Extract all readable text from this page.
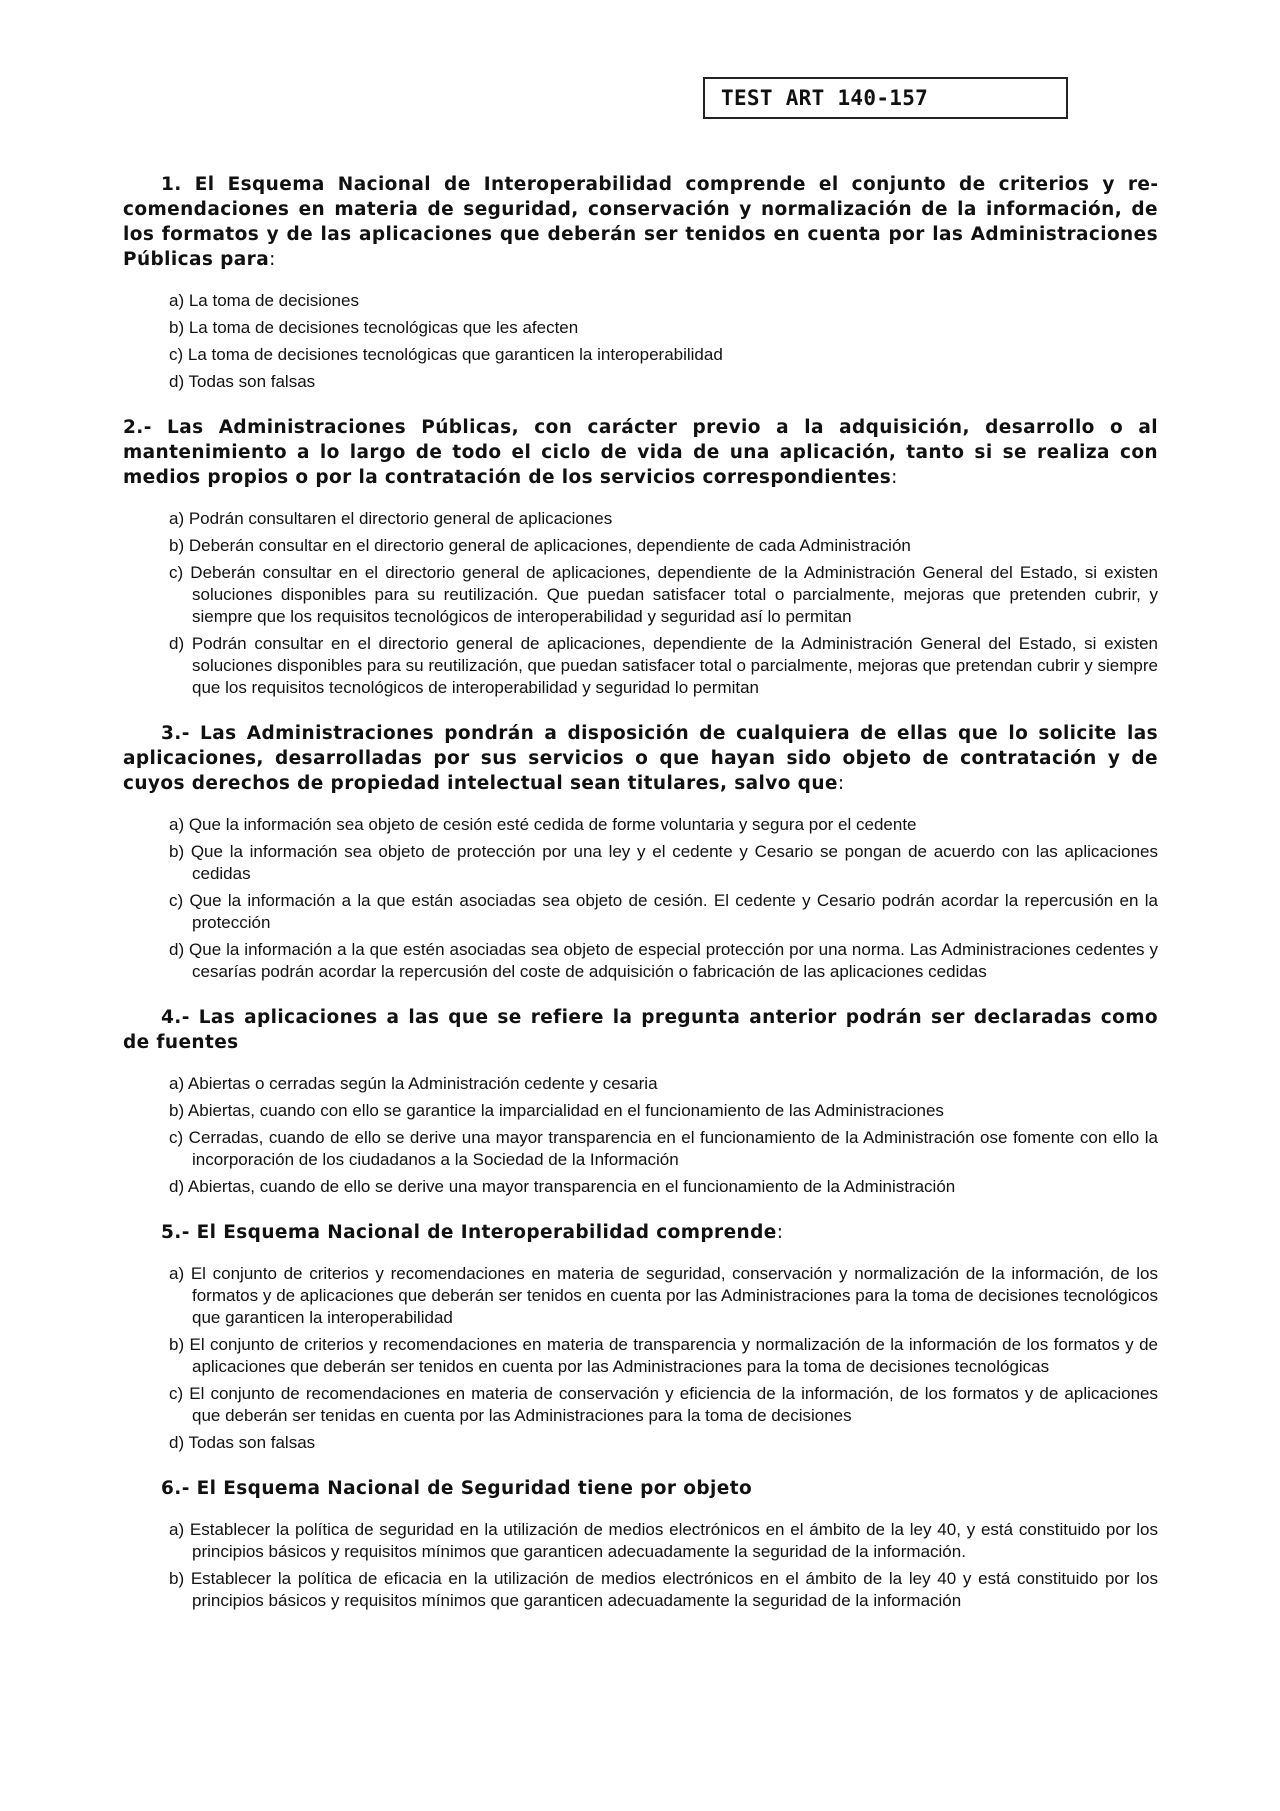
TEST ART 140-157

1. El Esquema Nacional de Interoperabilidad comprende el conjunto de criterios y recomendaciones en materia de seguridad, conservación y normalización de la información, de los formatos y de las aplicaciones que deberán ser tenidos en cuenta por las Administraciones Públicas para:

a) La toma de decisiones
b) La toma de decisiones tecnológicas que les afecten
c) La toma de decisiones tecnológicas que garanticen la interoperabilidad
d) Todas son falsas

2.- Las Administraciones Públicas, con carácter previo a la adquisición, desarrollo o al mantenimiento a lo largo de todo el ciclo de vida de una aplicación, tanto si se realiza con medios propios o por la contratación de los servicios correspondientes:

a) Podrán consultaren el directorio general de aplicaciones
b) Deberán consultar en el directorio general de aplicaciones, dependiente de cada Administración
c) Deberán consultar en el directorio general de aplicaciones, dependiente de la Administración General del Estado, si existen soluciones disponibles para su reutilización. Que puedan satisfacer total o parcialmente, mejoras que pretenden cubrir, y siempre que los requisitos tecnológicos de interoperabilidad y seguridad así lo permitan
d) Podrán consultar en el directorio general de aplicaciones, dependiente de la Administración General del Estado, si existen soluciones disponibles para su reutilización, que puedan satisfacer total o parcialmente, mejoras que pretendan cubrir y siempre que los requisitos tecnológicos de interoperabilidad y seguridad lo permitan

3.- Las Administraciones pondrán a disposición de cualquiera de ellas que lo solicite las aplicaciones, desarrolladas por sus servicios o que hayan sido objeto de contratación y de cuyos derechos de propiedad intelectual sean titulares, salvo que:

a) Que la información sea objeto de cesión esté cedida de forme voluntaria y segura por el cedente
b) Que la información sea objeto de protección por una ley y el cedente y Cesario se pongan de acuerdo con las aplicaciones cedidas
c) Que la información a la que están asociadas sea objeto de cesión. El cedente y Cesario podrán acordar la repercusión en la protección
d) Que la información a la que estén asociadas sea objeto de especial protección por una norma. Las Administraciones cedentes y cesarías podrán acordar la repercusión del coste de adquisición o fabricación de las aplicaciones cedidas

4.- Las aplicaciones a las que se refiere la pregunta anterior podrán ser declaradas como de fuentes

a) Abiertas o cerradas según la Administración cedente y cesaria
b) Abiertas, cuando con ello se garantice la imparcialidad en el funcionamiento de las Administraciones
c) Cerradas, cuando de ello se derive una mayor transparencia en el funcionamiento de la Administración ose fomente con ello la incorporación de los ciudadanos a la Sociedad de la Información
d) Abiertas, cuando de ello se derive una mayor transparencia en el funcionamiento de la Administración

5.- El Esquema Nacional de Interoperabilidad comprende:

a) El conjunto de criterios y recomendaciones en materia de seguridad, conservación y normalización de la información, de los formatos y de aplicaciones que deberán ser tenidos en cuenta por las Administraciones para la toma de decisiones tecnológicos que garanticen la interoperabilidad
b) El conjunto de criterios y recomendaciones en materia de transparencia y normalización de la información de los formatos y de aplicaciones que deberán ser tenidos en cuenta por las Administraciones para la toma de decisiones tecnológicas
c) El conjunto de recomendaciones en materia de conservación y eficiencia de la información, de los formatos y de aplicaciones que deberán ser tenidas en cuenta por las Administraciones para la toma de decisiones
d) Todas son falsas

6.- El Esquema Nacional de Seguridad tiene por objeto

a) Establecer la política de seguridad en la utilización de medios electrónicos en el ámbito de la ley 40, y está constituido por los principios básicos y requisitos mínimos que garanticen adecuadamente la seguridad de la información.
b) Establecer la política de eficacia en la utilización de medios electrónicos en el ámbito de la ley 40 y está constituido por los principios básicos y requisitos mínimos que garanticen adecuadamente la seguridad de la información
